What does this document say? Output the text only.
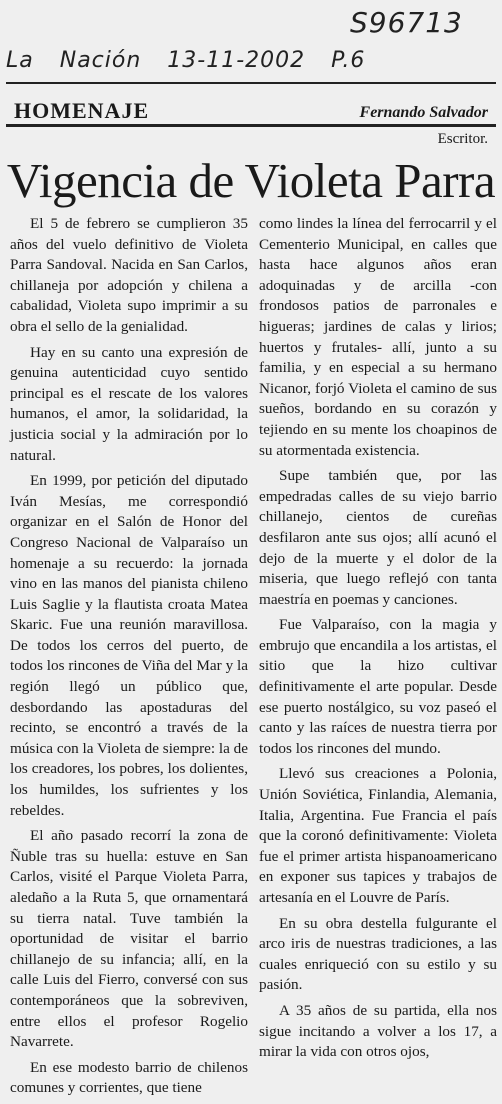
S96713
La Nación 13-11-2002 P.6
HOMENAJE	Fernando Salvador
Escritor.
Vigencia de Violeta Parra

El 5 de febrero se cumplieron 35 años del vuelo definitivo de Violeta Parra Sandoval. Nacida en San Carlos, chillaneja por adopción y chilena a cabalidad, Violeta supo imprimir a su obra el sello de la genialidad.

Hay en su canto una expresión de genuina autenticidad cuyo sentido principal es el rescate de los valores humanos, el amor, la solidaridad, la justicia social y la admiración por lo natural.

En 1999, por petición del diputado Iván Mesías, me correspondió organizar en el Salón de Honor del Congreso Nacional de Valparaíso un homenaje a su recuerdo: la jornada vino en las manos del pianista chileno Luis Saglie y la flautista croata Matea Skaric. Fue una reunión maravillosa. De todos los cerros del puerto, de todos los rincones de Viña del Mar y la región llegó un público que, desbordando las apostaduras del recinto, se encontró a través de la música con la Violeta de siempre: la de los creadores, los pobres, los dolientes, los humildes, los sufrientes y los rebeldes.

El año pasado recorrí la zona de Ñuble tras su huella: estuve en San Carlos, visité el Parque Violeta Parra, aledaño a la Ruta 5, que ornamentará su tierra natal. Tuve también la oportunidad de visitar el barrio chillanejo de su infancia; allí, en la calle Luis del Fierro, conversé con sus contemporáneos que la sobreviven, entre ellos el profesor Rogelio Navarrete.

En ese modesto barrio de chilenos comunes y corrientes, que tiene

como lindes la línea del ferrocarril y el Cementerio Municipal, en calles que hasta hace algunos años eran adoquinadas y de arcilla -con frondosos patios de parronales e higueras; jardines de calas y lirios; huertos y frutales- allí, junto a su familia, y en especial a su hermano Nicanor, forjó Violeta el camino de sus sueños, bordando en su corazón y tejiendo en su mente los choapinos de su atormentada existencia.

Supe también que, por las empedradas calles de su viejo barrio chillanejo, cientos de cureñas desfilaron ante sus ojos; allí acunó el dejo de la muerte y el dolor de la miseria, que luego reflejó con tanta maestría en poemas y canciones.

Fue Valparaíso, con la magia y embrujo que encandila a los artistas, el sitio que la hizo cultivar definitivamente el arte popular. Desde ese puerto nostálgico, su voz paseó el canto y las raíces de nuestra tierra por todos los rincones del mundo.

Llevó sus creaciones a Polonia, Unión Soviética, Finlandia, Alemania, Italia, Argentina. Fue Francia el país que la coronó definitivamente: Violeta fue el primer artista hispanoamericano en exponer sus tapices y trabajos de artesanía en el Louvre de París.

En su obra destella fulgurante el arco iris de nuestras tradiciones, a las cuales enriqueció con su estilo y su pasión.

A 35 años de su partida, ella nos sigue incitando a volver a los 17, a mirar la vida con otros ojos,
